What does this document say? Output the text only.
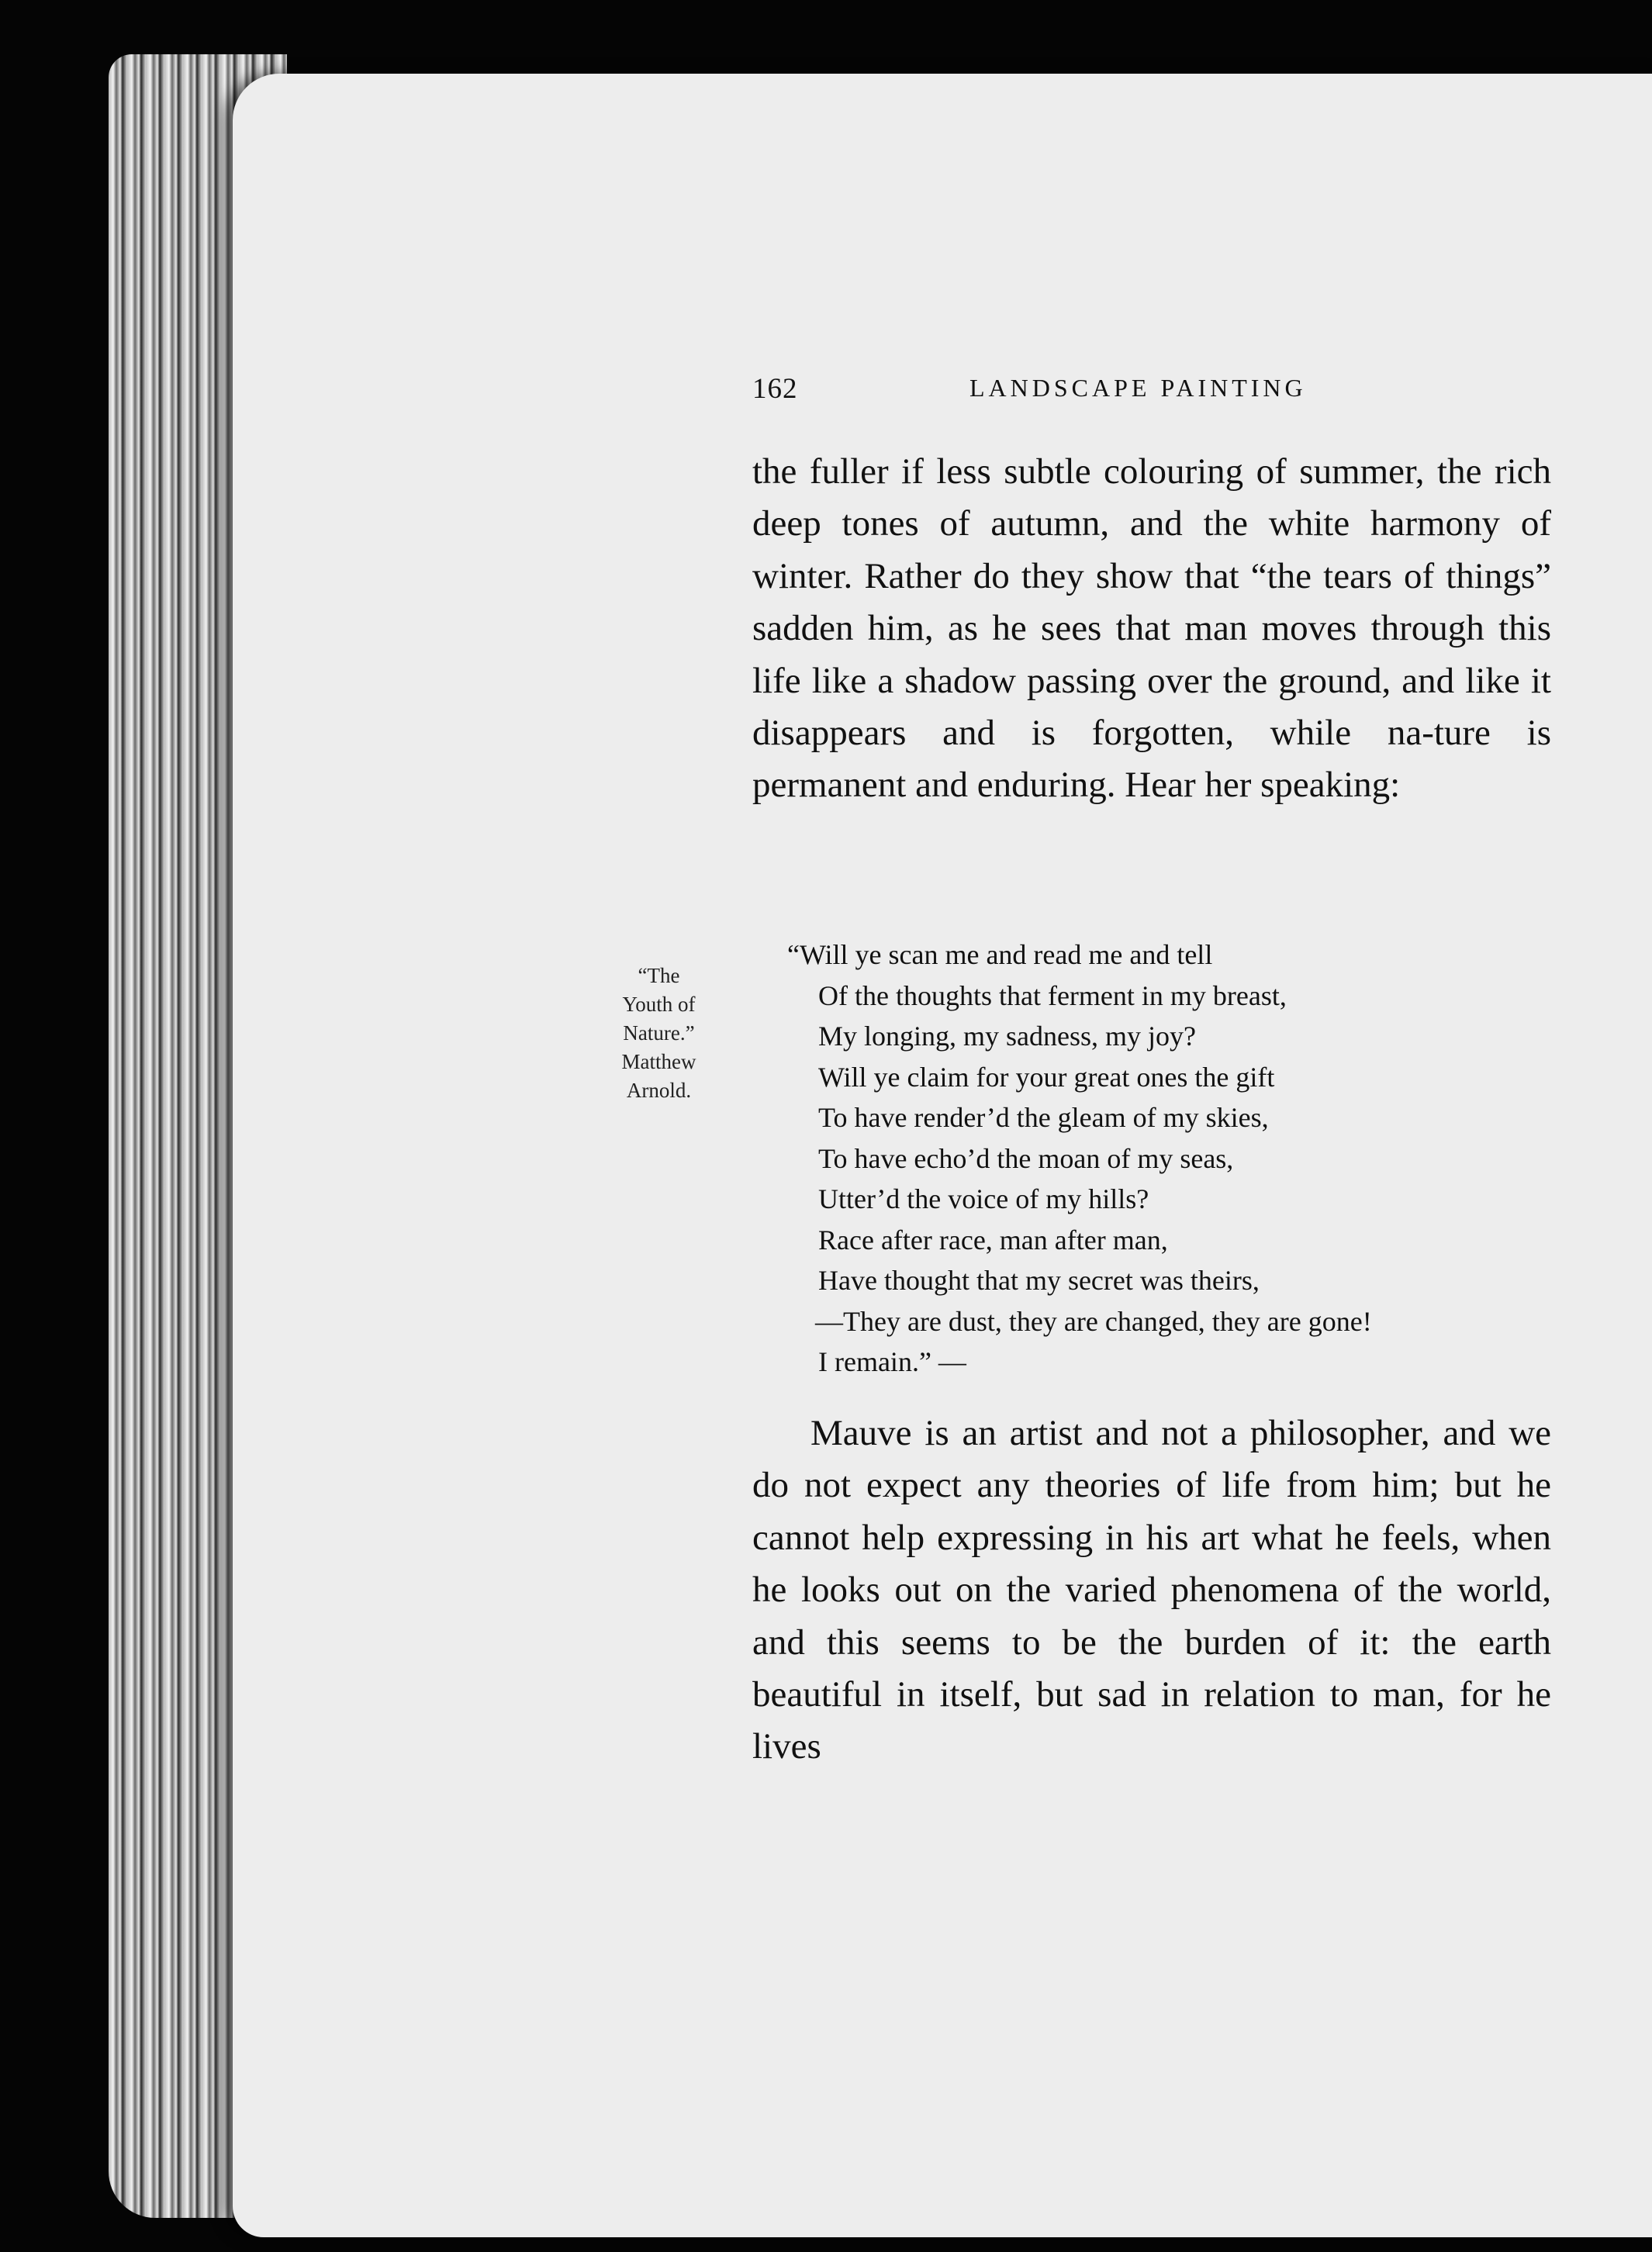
162	LANDSCAPE PAINTING

the fuller if less subtle colouring of summer, the rich deep tones of autumn, and the white harmony of winter. Rather do they show that “the tears of things” sadden him, as he sees that man moves through this life like a shadow passing over the ground, and like it disappears and is forgotten, while na-ture is permanent and enduring. Hear her speaking:

“The
Youth of
Nature.”
Matthew
Arnold.
“Will ye scan me and read me and tell
Of the thoughts that ferment in my breast,
My longing, my sadness, my joy?
Will ye claim for your great ones the gift
To have render’d the gleam of my skies,
To have echo’d the moan of my seas,
Utter’d the voice of my hills?
Race after race, man after man,
Have thought that my secret was theirs,
—They are dust, they are changed, they are gone!
I remain.” —

Mauve is an artist and not a philosopher, and we do not expect any theories of life from him; but he cannot help expressing in his art what he feels, when he looks out on the varied phenomena of the world, and this seems to be the burden of it: the earth beautiful in itself, but sad in relation to man, for he lives
